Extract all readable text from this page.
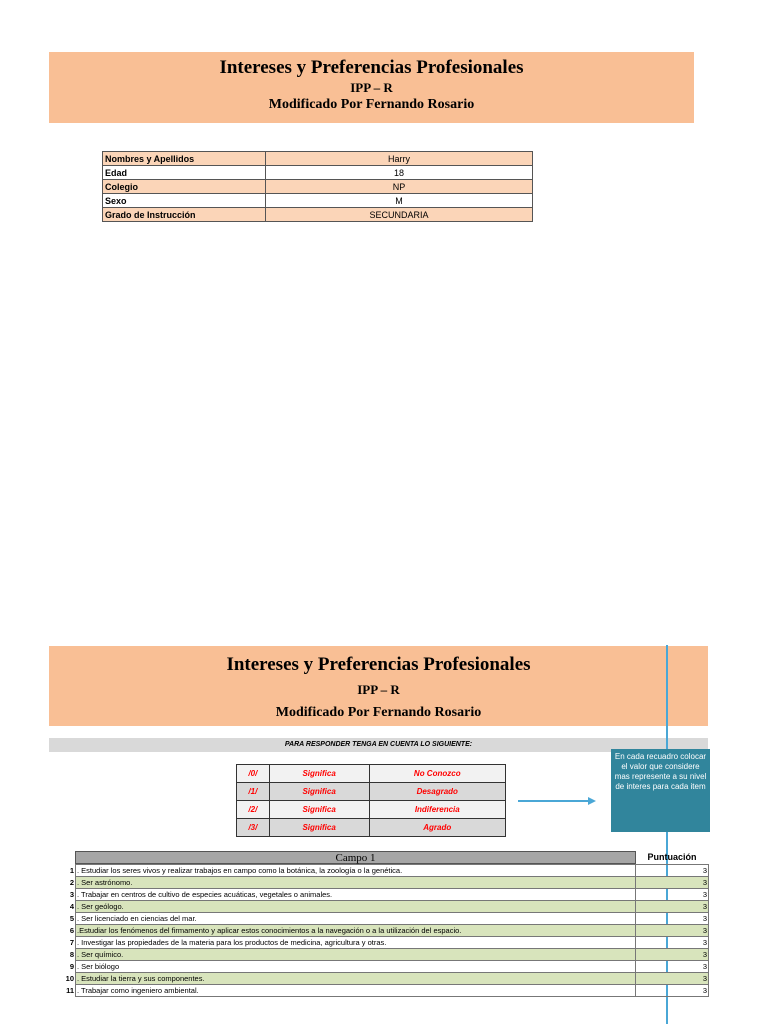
Intereses y Preferencias Profesionales
IPP – R
Modificado Por Fernando Rosario
Nombres y Apellidos	Harry
Edad	18
Colegio	NP
Sexo	M
Grado de Instrucción	SECUNDARIA
Intereses y Preferencias Profesionales
IPP – R
Modificado Por Fernando Rosario
PARA RESPONDER TENGA EN CUENTA LO SIGUIENTE:
/0/	Significa	No Conozco
/1/	Significa	Desagrado
/2/	Significa	Indiferencia
/3/	Significa	Agrado
En cada recuadro colocar el valor que considere mas represente a su nivel de interes para cada item
Campo 1	Puntuación
1	. Estudiar los seres vivos y realizar trabajos en campo como la botánica, la zoología o la genética.	3
2	. Ser astrónomo.	3
3	. Trabajar en centros de cultivo de especies acuáticas, vegetales o animales.	3
4	. Ser geólogo.	3
5	. Ser licenciado en ciencias del mar.	3
6	.Estudiar los fenómenos del firmamento y aplicar estos conocimientos a la navegación o a la utilización del espacio.	3
7	. Investigar las propiedades de la materia para los productos de medicina, agricultura y otras.	3
8	. Ser químico.	3
9	. Ser biólogo	3
10	. Estudiar la tierra y sus componentes.	3
11	. Trabajar como ingeniero ambiental.	3
